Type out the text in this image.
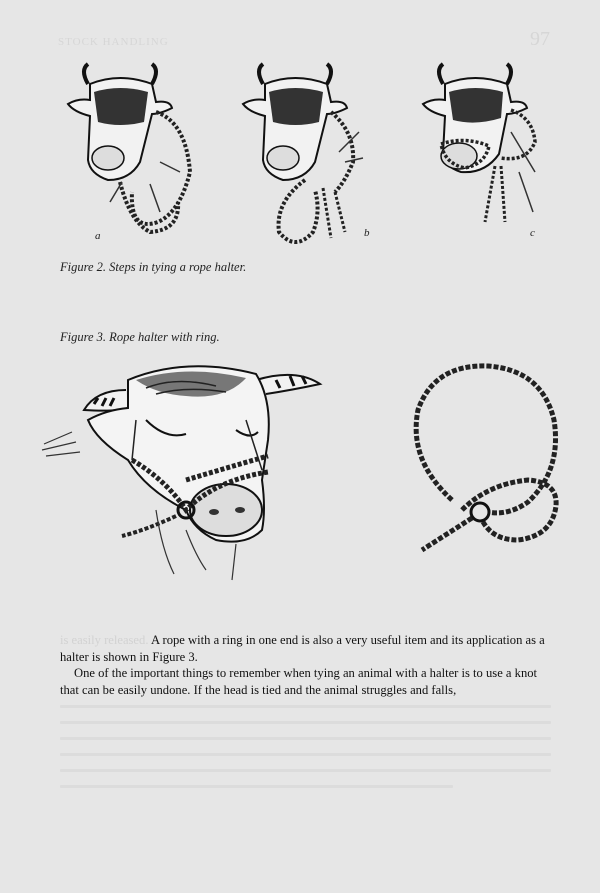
STOCK HANDLING	97
a	b	c
Figure 2. Steps in tying a rope halter.
Figure 3. Rope halter with ring.

is easily released. A rope with a ring in one end is also a very useful item and its application as a halter is shown in Figure 3.

One of the important things to remember when tying an animal with a halter is to use a knot that can be easily undone. If the head is tied and the animal struggles and falls,
